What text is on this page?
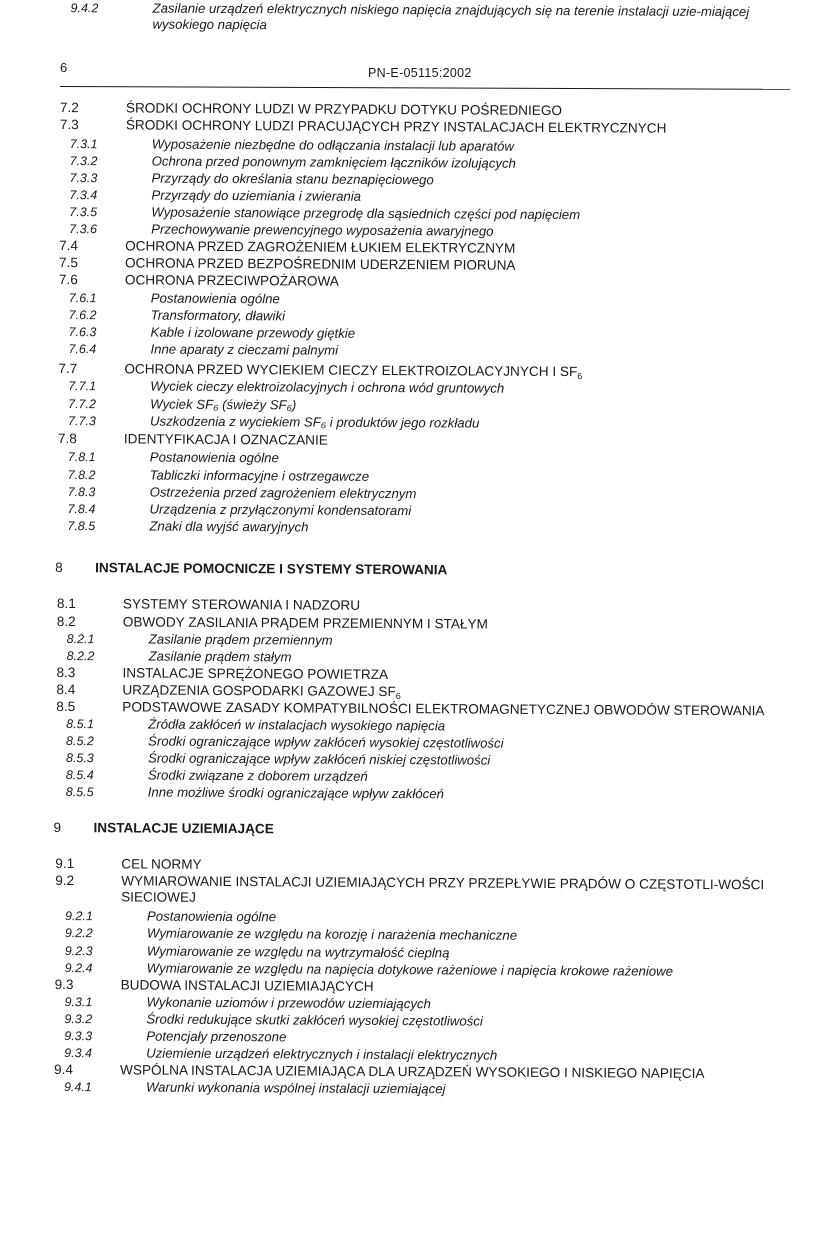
6	PN-E-05115:2002
7.2	ŚRODKI OCHRONY LUDZI W PRZYPADKU DOTYKU POŚREDNIEGO
7.3	ŚRODKI OCHRONY LUDZI PRACUJĄCYCH PRZY INSTALACJACH ELEKTRYCZNYCH
7.3.1	Wyposażenie niezbędne do odłączania instalacji lub aparatów
7.3.2	Ochrona przed ponownym zamknięciem łączników izolujących
7.3.3	Przyrządy do określania stanu beznapięciowego
7.3.4	Przyrządy do uziemiania i zwierania
7.3.5	Wyposażenie stanowiące przegrodę dla sąsiednich części pod napięciem
7.3.6	Przechowywanie prewencyjnego wyposażenia awaryjnego
7.4	OCHRONA PRZED ZAGROŻENIEM ŁUKIEM ELEKTRYCZNYM
7.5	OCHRONA PRZED BEZPOŚREDNIM UDERZENIEM PIORUNA
7.6	OCHRONA PRZECIWPOŻAROWA
7.6.1	Postanowienia ogólne
7.6.2	Transformatory, dławiki
7.6.3	Kable i izolowane przewody giętkie
7.6.4	Inne aparaty z cieczami palnymi
7.7	OCHRONA PRZED WYCIEKIEM CIECZY ELEKTROIZOLACYJNYCH I $SF_6$
7.7.1	Wyciek cieczy elektroizolacyjnych i ochrona wód gruntowych
7.7.2	Wyciek SF₆ (świeży SF₆)
7.7.3	Uszkodzenia z wyciekiem SF₆ i produktów jego rozkładu
7.8	IDENTYFIKACJA I OZNACZANIE
7.8.1	Postanowienia ogólne
7.8.2	Tabliczki informacyjne i ostrzegawcze
7.8.3	Ostrzeżenia przed zagrożeniem elektrycznym
7.8.4	Urządzenia z przyłączonymi kondensatorami
7.8.5	Znaki dla wyjść awaryjnych
8 INSTALACJE POMOCNICZE I SYSTEMY STEROWANIA
8.1	SYSTEMY STEROWANIA I NADZORU
8.2	OBWODY ZASILANIA PRĄDEM PRZEMIENNYM I STAŁYM
8.2.1	Zasilanie prądem przemiennym
8.2.2	Zasilanie prądem stałym
8.3	INSTALACJE SPRĘŻONEGO POWIETRZA
8.4	URZĄDZENIA GOSPODARKI GAZOWEJ $SF_6$
8.5	PODSTAWOWE ZASADY KOMPATYBILNOŚCI ELEKTROMAGNETYCZNEJ OBWODÓW STEROWANIA
8.5.1	Źródła zakłóceń w instalacjach wysokiego napięcia
8.5.2	Środki ograniczające wpływ zakłóceń wysokiej częstotliwości
8.5.3	Środki ograniczające wpływ zakłóceń niskiej częstotliwości
8.5.4	Środki związane z doborem urządzeń
8.5.5	Inne możliwe środki ograniczające wpływ zakłóceń
9 INSTALACJE UZIEMIAJĄCE
9.1	CEL NORMY
9.2	WYMIAROWANIE INSTALACJI UZIEMIAJĄCYCH PRZY PRZEPŁYWIE PRĄDÓW O CZĘSTOTLI-WOŚCI SIECIOWEJ
9.2.1	Postanowienia ogólne
9.2.2	Wymiarowanie ze względu na korozję i narażenia mechaniczne
9.2.3	Wymiarowanie ze względu na wytrzymałość cieplną
9.2.4	Wymiarowanie ze względu na napięcia dotykowe rażeniowe i napięcia krokowe rażeniowe
9.3	BUDOWA INSTALACJI UZIEMIAJĄCYCH
9.3.1	Wykonanie uziomów i przewodów uziemiających
9.3.2	Środki redukujące skutki zakłóceń wysokiej częstotliwości
9.3.3	Potencjały przenoszone
9.3.4	Uziemienie urządzeń elektrycznych i instalacji elektrycznych
9.4	WSPÓLNA INSTALACJA UZIEMIAJĄCA DLA URZĄDZEŃ WYSOKIEGO I NISKIEGO NAPIĘCIA
9.4.1	Warunki wykonania wspólnej instalacji uziemiającej
9.4.2	Zasilanie urządzeń elektrycznych niskiego napięcia znajdujących się na terenie instalacji uzie-miającej wysokiego napięcia
